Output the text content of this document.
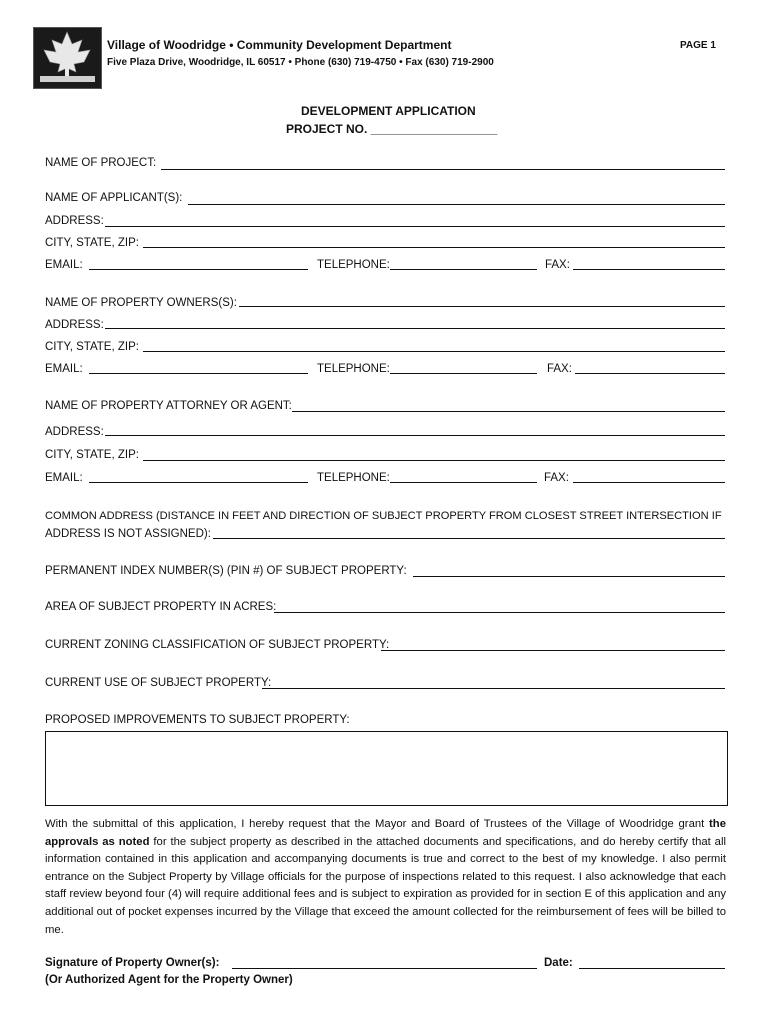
Village of Woodridge • Community Development Department
Five Plaza Drive, Woodridge, IL 60517 • Phone (630) 719-4750 • Fax (630) 719-2900
PAGE 1
DEVELOPMENT APPLICATION
PROJECT NO. ___________________
NAME OF PROJECT:
NAME OF APPLICANT(S):
ADDRESS:
CITY, STATE, ZIP:
EMAIL:	TELEPHONE:	FAX:
NAME OF PROPERTY OWNERS(S):
ADDRESS:
CITY, STATE, ZIP:
EMAIL:	TELEPHONE:	FAX:
NAME OF PROPERTY ATTORNEY OR AGENT:
ADDRESS:
CITY, STATE, ZIP:
EMAIL:	TELEPHONE:	FAX:
COMMON ADDRESS (DISTANCE IN FEET AND DIRECTION OF SUBJECT PROPERTY FROM CLOSEST STREET INTERSECTION IF
ADDRESS IS NOT ASSIGNED):
PERMANENT INDEX NUMBER(S) (PIN #) OF SUBJECT PROPERTY:
AREA OF SUBJECT PROPERTY IN ACRES:
CURRENT ZONING CLASSIFICATION OF SUBJECT PROPERTY:
CURRENT USE OF SUBJECT PROPERTY:
PROPOSED IMPROVEMENTS TO SUBJECT PROPERTY:
With the submittal of this application, I hereby request that the Mayor and Board of Trustees of the Village of Woodridge grant the approvals as noted for the subject property as described in the attached documents and specifications, and do hereby certify that all information contained in this application and accompanying documents is true and correct to the best of my knowledge. I also permit entrance on the Subject Property by Village officials for the purpose of inspections related to this request. I also acknowledge that each staff review beyond four (4) will require additional fees and is subject to expiration as provided for in section E of this application and any additional out of pocket expenses incurred by the Village that exceed the amount collected for the reimbursement of fees will be billed to me.
Signature of Property Owner(s):	Date:
(Or Authorized Agent for the Property Owner)
